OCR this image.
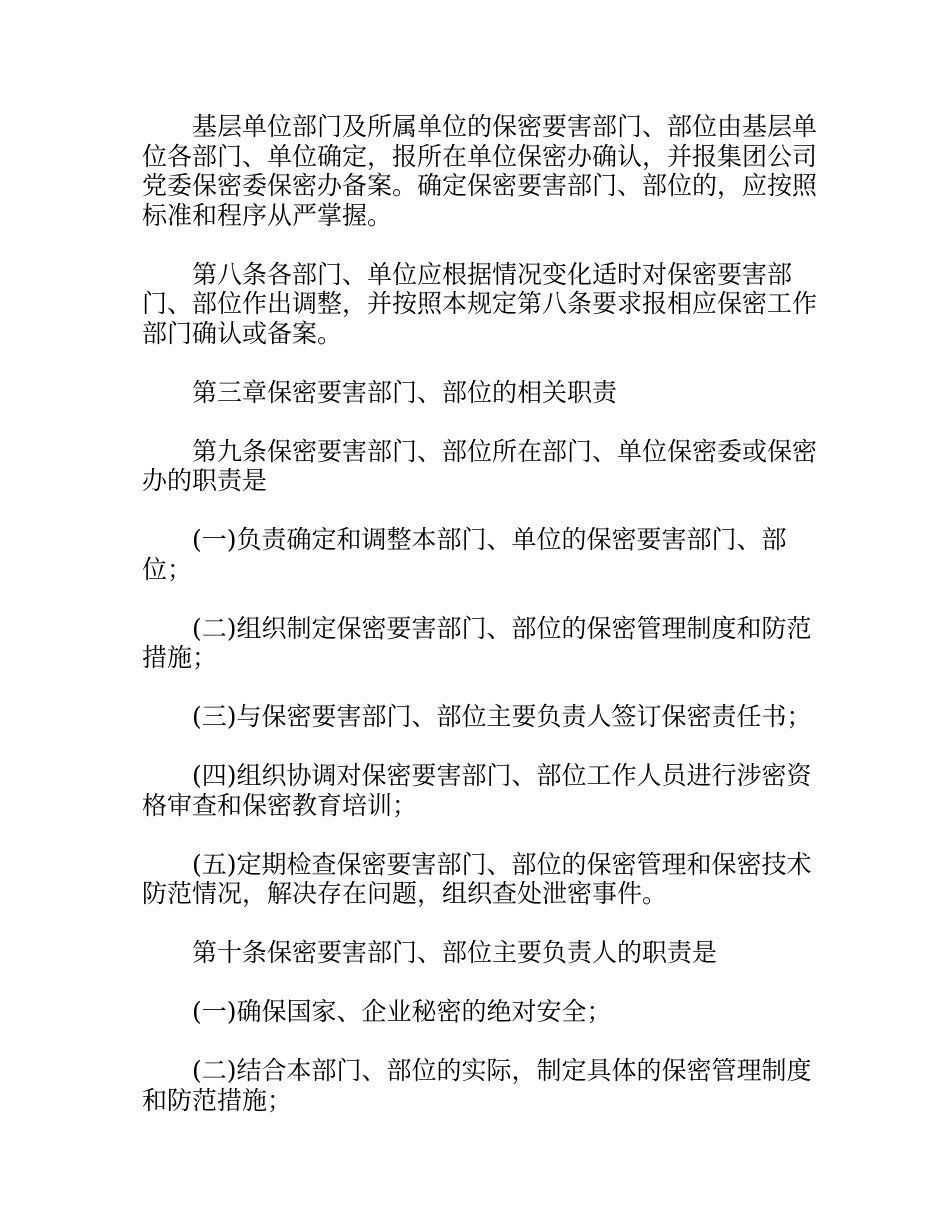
基层单位部门及所属单位的保密要害部门、部位由基层单位各部门、单位确定，报所在单位保密办确认，并报集团公司党委保密委保密办备案。确定保密要害部门、部位的，应按照标准和程序从严掌握。

第八条各部门、单位应根据情况变化适时对保密要害部门、部位作出调整，并按照本规定第八条要求报相应保密工作部门确认或备案。

第三章保密要害部门、部位的相关职责

第九条保密要害部门、部位所在部门、单位保密委或保密办的职责是

(一)负责确定和调整本部门、单位的保密要害部门、部位；

(二)组织制定保密要害部门、部位的保密管理制度和防范措施；

(三)与保密要害部门、部位主要负责人签订保密责任书；

(四)组织协调对保密要害部门、部位工作人员进行涉密资格审查和保密教育培训；

(五)定期检查保密要害部门、部位的保密管理和保密技术防范情况，解决存在问题，组织查处泄密事件。

第十条保密要害部门、部位主要负责人的职责是

(一)确保国家、企业秘密的绝对安全；

(二)结合本部门、部位的实际，制定具体的保密管理制度和防范措施；
